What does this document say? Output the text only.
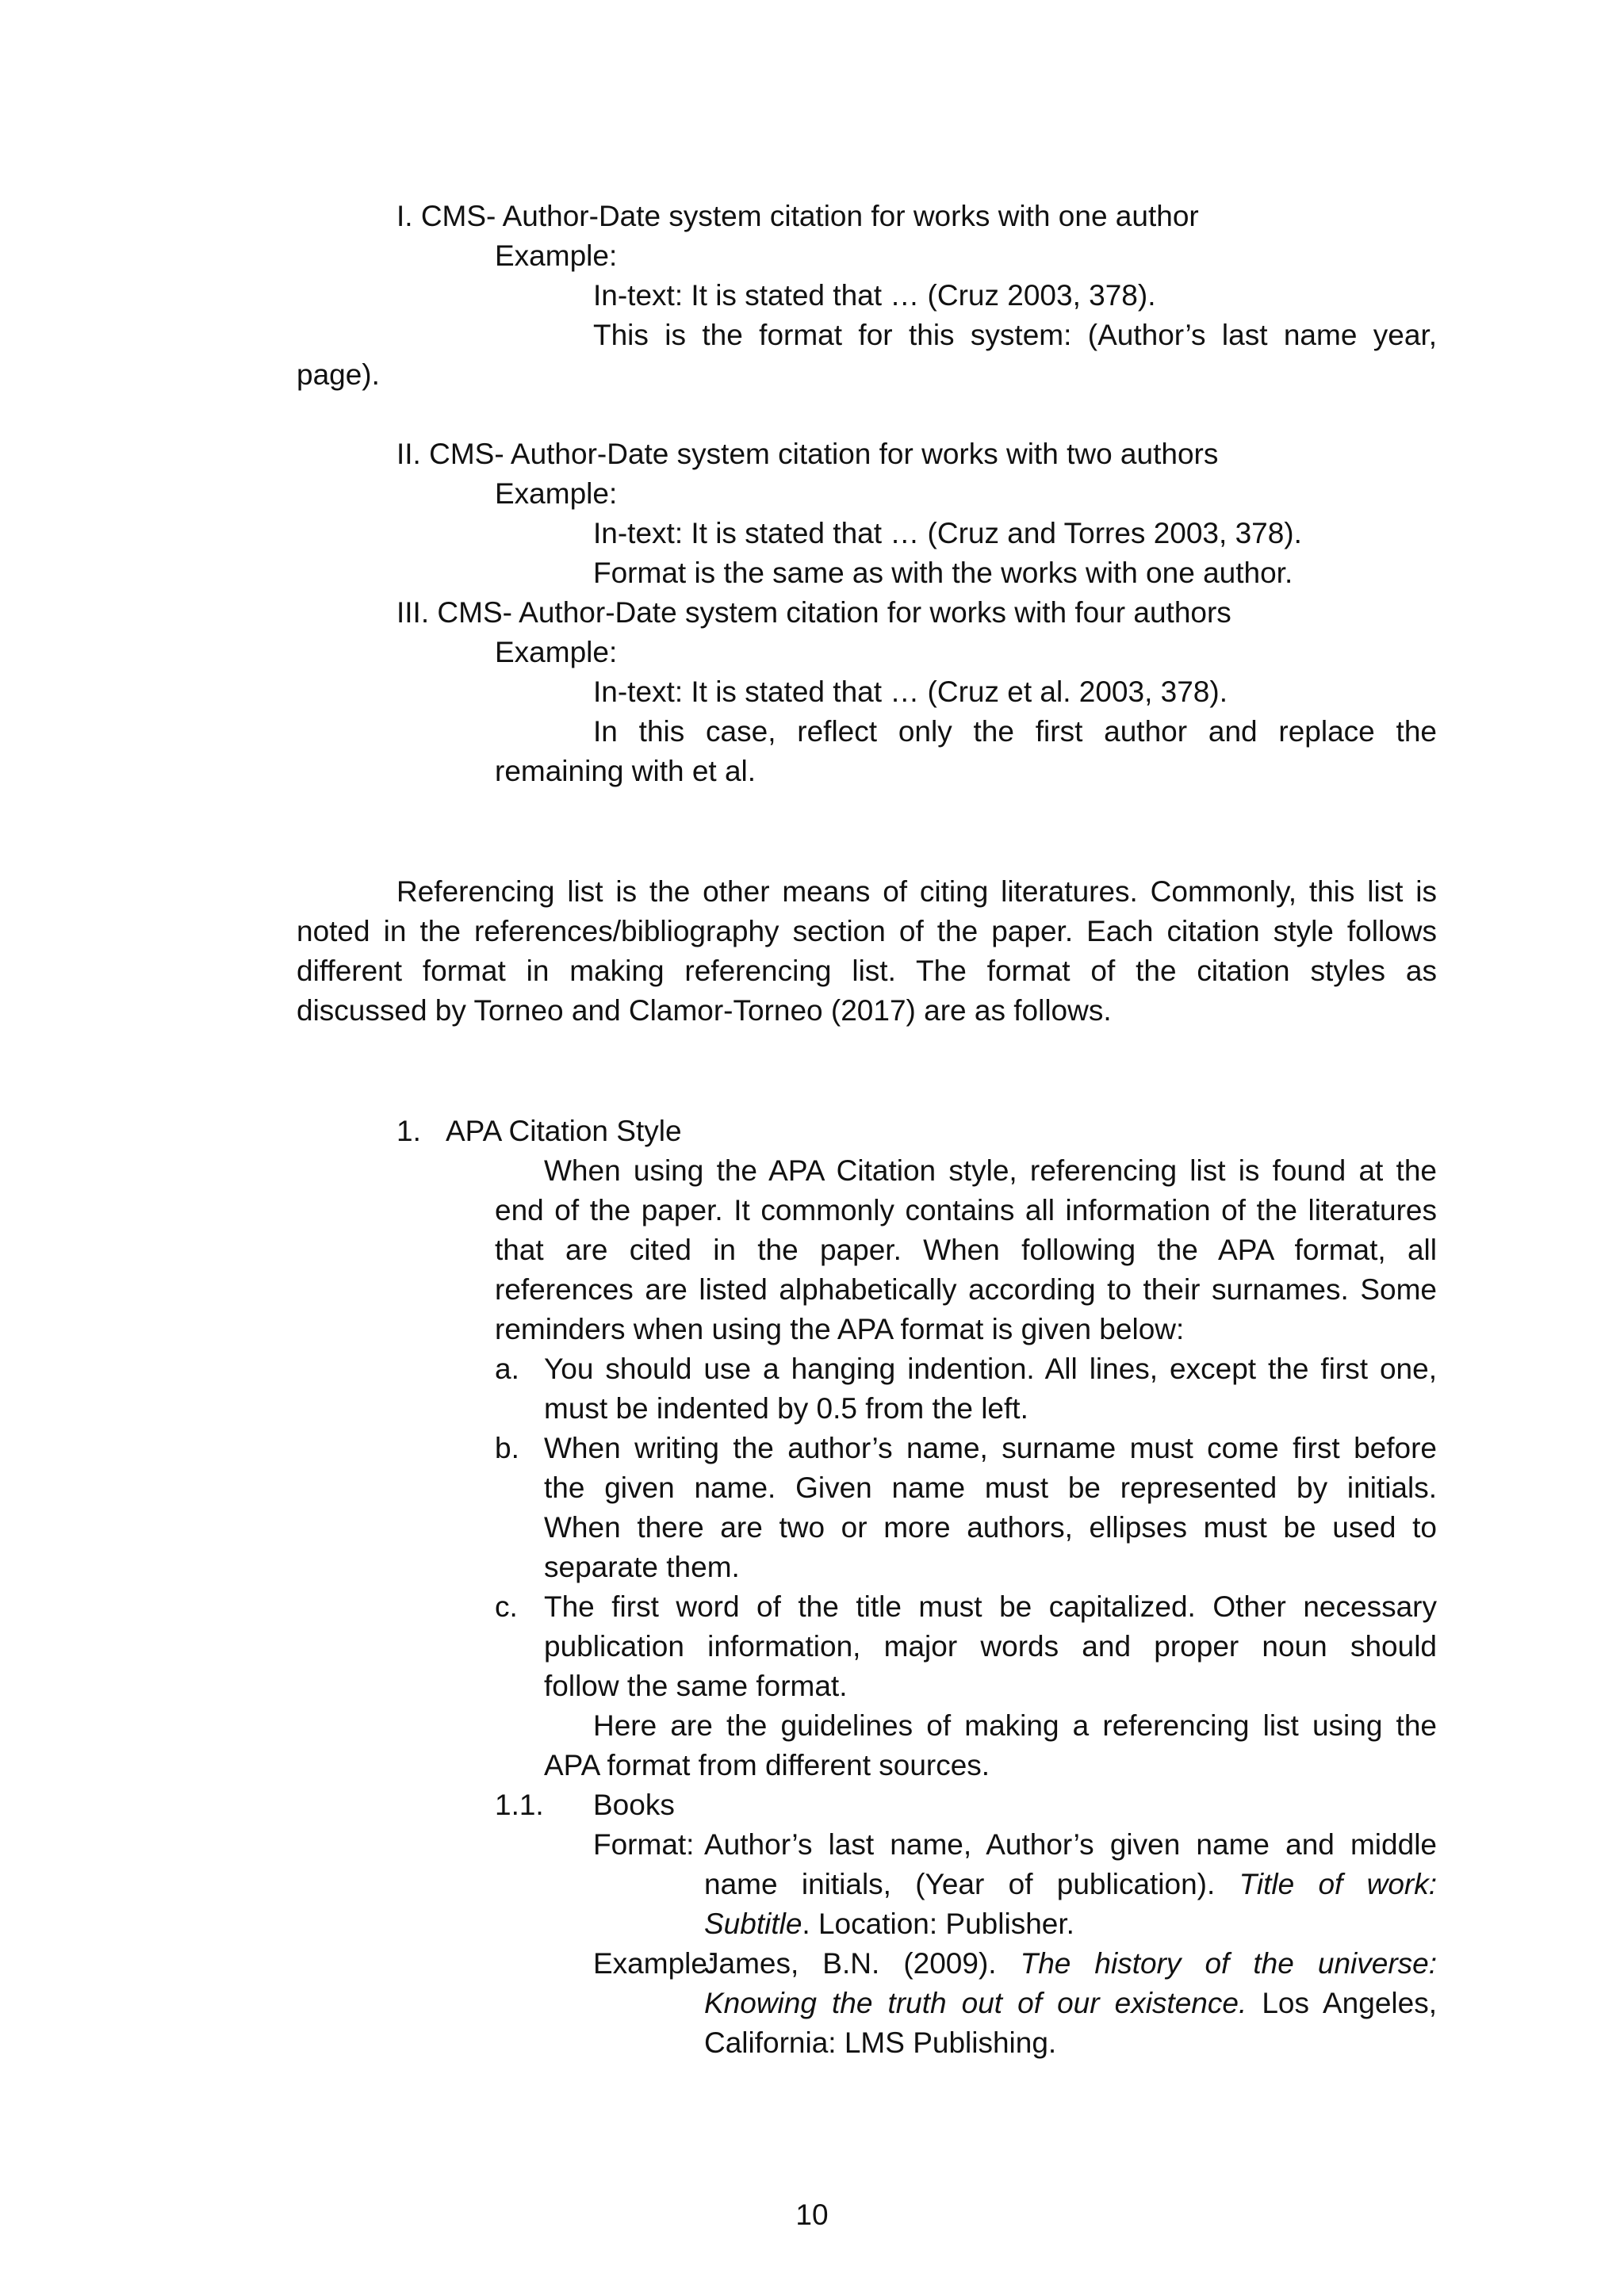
I. CMS- Author-Date system citation for works with one author

Example:

In-text: It is stated that … (Cruz 2003, 378).

This is the format for this system: (Author’s last name year,

page).

II. CMS- Author-Date system citation for works with two authors

Example:

In-text: It is stated that … (Cruz and Torres 2003, 378).

Format is the same as with the works with one author.

III. CMS- Author-Date system citation for works with four authors

Example:

In-text: It is stated that … (Cruz et al. 2003, 378).

In this case, reflect only the first author and replace the

remaining with et al.

Referencing list is the other means of citing literatures. Commonly, this list is

noted in the references/bibliography section of the paper. Each citation style follows

different format in making referencing list. The format of the citation styles as

discussed by Torneo and Clamor-Torneo (2017) are as follows.

1. APA Citation Style

When using the APA Citation style, referencing list is found at the

end of the paper. It commonly contains all information of the literatures

that are cited in the paper. When following the APA format, all

references are listed alphabetically according to their surnames. Some

reminders when using the APA format is given below:

a. You should use a hanging indention. All lines, except the first one,

must be indented by 0.5 from the left.

b. When writing the author’s name, surname must come first before

the given name. Given name must be represented by initials.

When there are two or more authors, ellipses must be used to

separate them.

c. The first word of the title must be capitalized. Other necessary

publication information, major words and proper noun should

follow the same format.

Here are the guidelines of making a referencing list using the

APA format from different sources.

1.1. Books

Format: Author’s last name, Author’s given name and middle

name initials, (Year of publication). Title of work:

Subtitle. Location: Publisher.

Example:

James, B.N. (2009). The history of the universe:

Knowing the truth out of our existence. Los Angeles,

California: LMS Publishing.

10
